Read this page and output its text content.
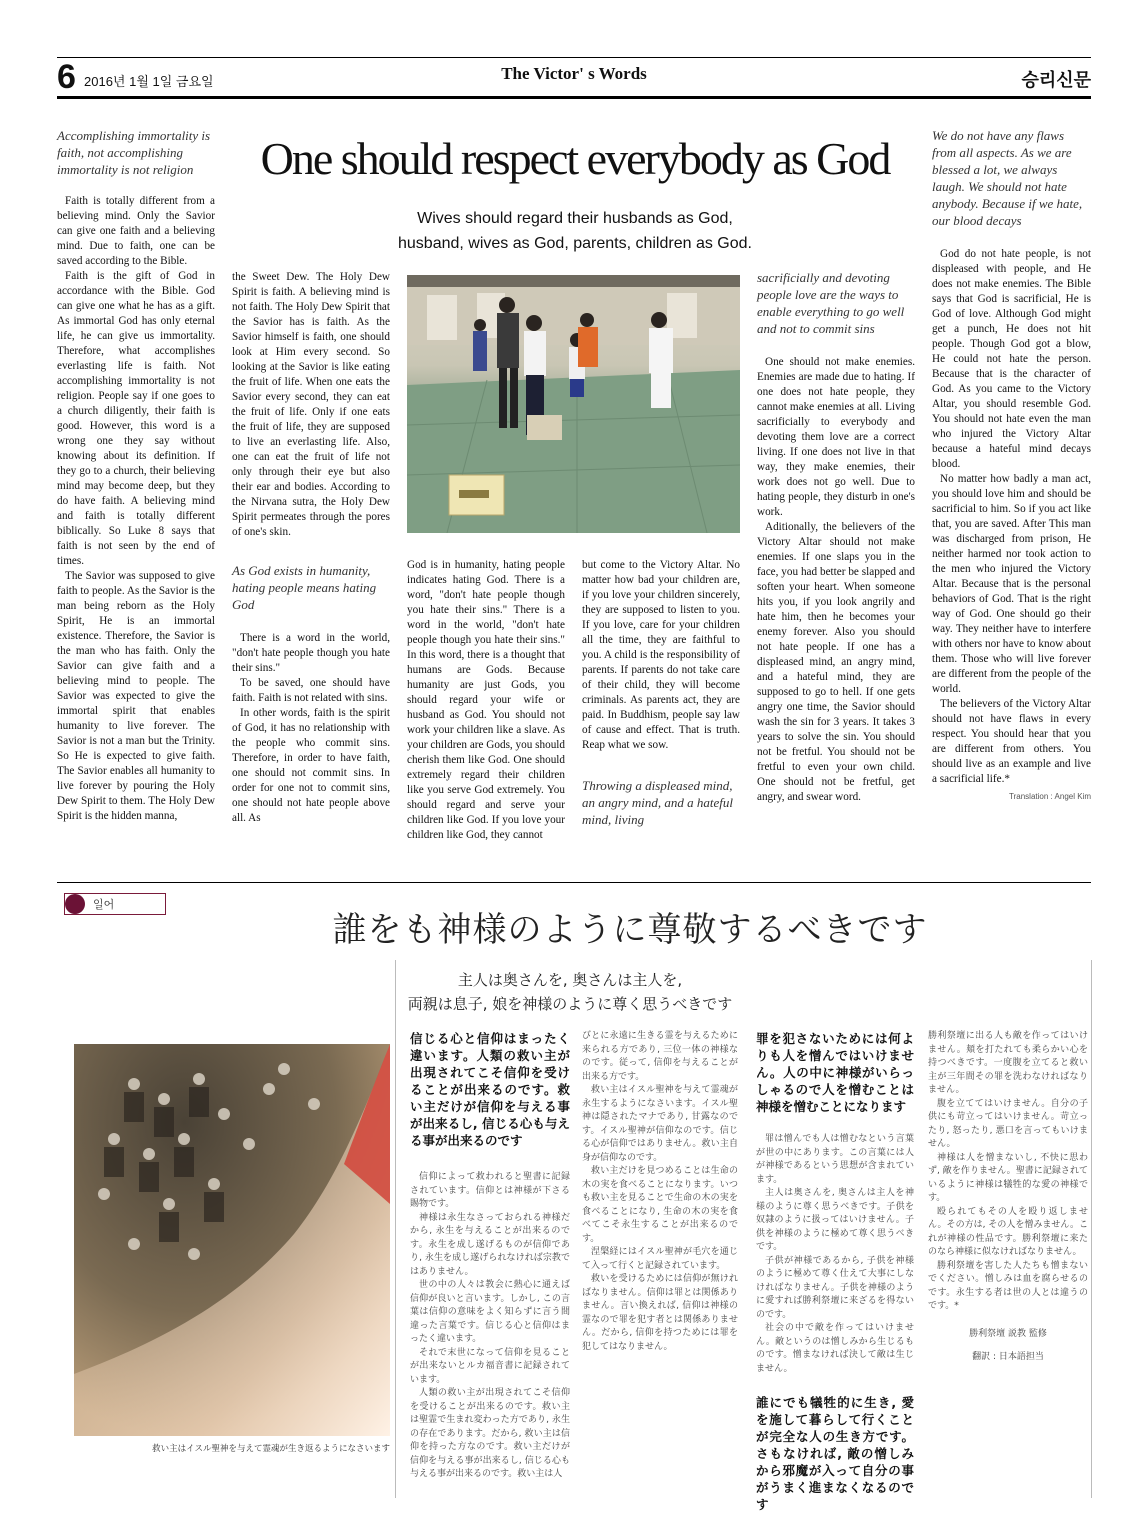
6 2016년 1월 1일 금요일	The Victor' s Words	승리신문
One should respect everybody as God
Wives should regard their husbands as God,
husband, wives as God, parents, children as God.
Accomplishing immortality is faith, not accomplishing immortality is not religion

Faith is totally different from a believing mind. Only the Savior can give one faith and a believing mind. Due to faith, one can be saved according to the Bible.

Faith is the gift of God in accordance with the Bible. God can give one what he has as a gift. As immortal God has only eternal life, he can give us immortality. Therefore, what accomplishes everlasting life is faith. Not accomplishing immortality is not religion. People say if one goes to a church diligently, their faith is good. However, this word is a wrong one they say without knowing about its definition. If they go to a church, their believing mind may become deep, but they do have faith. A believing mind and faith is totally different biblically. So Luke 8 says that faith is not seen by the end of times.

The Savior was supposed to give faith to people. As the Savior is the man being reborn as the Holy Spirit, He is an immortal existence. Therefore, the Savior is the man who has faith. Only the Savior can give faith and a believing mind to people. The Savior was expected to give the immortal spirit that enables humanity to live forever. The Savior is not a man but the Trinity. So He is expected to give faith. The Savior enables all humanity to live forever by pouring the Holy Dew Spirit to them. The Holy Dew Spirit is the hidden manna,

the Sweet Dew. The Holy Dew Spirit is faith. A believing mind is not faith. The Holy Dew Spirit that the Savior has is faith. As the Savior himself is faith, one should look at Him every second. So looking at the Savior is like eating the fruit of life. When one eats the Savior every second, they can eat the fruit of life. Only if one eats the fruit of life, they are supposed to live an everlasting life. Also, one can eat the fruit of life not only through their eye but also their ear and bodies. According to the Nirvana sutra, the Holy Dew Spirit permeates through the pores of one's skin.

As God exists in humanity, hating people means hating God

There is a word in the world, "don't hate people though you hate their sins."

To be saved, one should have faith. Faith is not related with sins.

In other words, faith is the spirit of God, it has no relationship with the people who commit sins. Therefore, in order to have faith, one should not commit sins. In order for one not to commit sins, one should not hate people above all. As

God is in humanity, hating people indicates hating God. There is a word, "don't hate people though you hate their sins." There is a word in the world, "don't hate people though you hate their sins." In this word, there is a thought that humans are Gods. Because humanity are just Gods, you should regard your wife or husband as God. You should not work your children like a slave. As your children are Gods, you should cherish them like God. One should extremely regard their children like you serve God extremely. You should regard and serve your children like God. If you love your children like God, they cannot

but come to the Victory Altar. No matter how bad your children are, if you love your children sincerely, they are supposed to listen to you. If you love, care for your children all the time, they are faithful to you. A child is the responsibility of parents. If parents do not take care of their child, they will become criminals. As parents act, they are paid. In Buddhism, people say law of cause and effect. That is truth. Reap what we sow.

Throwing a displeased mind, an angry mind, and a hateful mind, living
sacrificially and devoting people love are the ways to enable everything to go well and not to commit sins

One should not make enemies. Enemies are made due to hating. If one does not hate people, they cannot make enemies at all. Living sacrificially to everybody and devoting them love are a correct living. If one does not live in that way, they make enemies, their work does not go well. Due to hating people, they disturb in one's work.

Aditionally, the believers of the Victory Altar should not make enemies. If one slaps you in the face, you had better be slapped and soften your heart. When someone hits you, if you look angrily and hate him, then he becomes your enemy forever. Also you should not hate people. If one has a displeased mind, an angry mind, and a hateful mind, they are supposed to go to hell. If one gets angry one time, the Savior should wash the sin for 3 years. It takes 3 years to solve the sin. You should not be fretful. You should not be fretful to even your own child. One should not be fretful, get angry, and swear word.

We do not have any flaws from all aspects. As we are blessed a lot, we always laugh. We should not hate anybody. Because if we hate, our blood decays

God do not hate people, is not displeased with people, and He does not make enemies. The Bible says that God is sacrificial, He is God of love. Although God might get a punch, He does not hit people. Though God got a blow, He could not hate the person. Because that is the character of God. As you came to the Victory Altar, you should resemble God. You should not hate even the man who injured the Victory Altar because a hateful mind decays blood.

No matter how badly a man act, you should love him and should be sacrificial to him. So if you act like that, you are saved. After This man was discharged from prison, He neither harmed nor took action to the men who injured the Victory Altar. Because that is the personal behaviors of God. That is the right way of God. One should go their way. They neither have to interfere with others nor have to know about them. Those who will live forever are different from the people of the world.

The believers of the Victory Altar should not have flaws in every respect. You should hear that you are different from others. You should live as an example and live a sacrificial life.*

Translation : Angel Kim
일어
誰をも神様のように尊敬するべきです
主人は奥さんを, 奥さんは主人を,
両親は息子, 娘を神様のように尊く思うべきです
救い主はイスル聖神を与えて霊魂が生き返るようになさいます
信じる心と信仰はまったく違います。人類の救い主が出現されてこそ信仰を受けることが出来るのです。救い主だけが信仰を与える事が出来るし, 信じる心も与える事が出来るのです

信仰によって救われると聖書に記録されています。信仰とは神様が下さる賜物です。

神様は永生なさっておられる神様だから, 永生を与えることが出来るのです。永生を成し遂げるものが信仰であり, 永生を成し遂げられなければ宗教ではありません。

世の中の人々は教会に熱心に通えば信仰が良いと言います。しかし, この言葉は信仰の意味をよく知らずに言う間違った言葉です。信じる心と信仰はまったく違います。

それで末世になって信仰を見ることが出来ないとルカ福音書に記録されています。

人類の救い主が出現されてこそ信仰を受けることが出来るのです。救い主は聖霊で生まれ変わった方であり, 永生の存在であります。だから, 救い主は信仰を持った方なのです。救い主だけが信仰を与える事が出来るし, 信じる心も与える事が出来るのです。救い主は人

びとに永遠に生きる霊を与えるために来られる方であり, 三位一体の神様なのです。従って, 信仰を与えることが出来る方です。

救い主はイスル聖神を与えて霊魂が永生するようになさいます。イスル聖神は隠されたマナであり, 甘露なのです。イスル聖神が信仰なのです。信じる心が信仰ではありません。救い主自身が信仰なのです。

救い主だけを見つめることは生命の木の実を食べることになります。いつも救い主を見ることで生命の木の実を食べることになり, 生命の木の実を食べてこそ永生することが出来るのです。

涅槃経にはイスル聖神が毛穴を通じて入って行くと記録されています。

救いを受けるためには信仰が無ければなりません。信仰は罪とは関係ありません。言い換えれば, 信仰は神様の霊なので罪を犯す者とは関係ありません。だから, 信仰を持つためには罪を犯してはなりません。

罪を犯さないためには何よりも人を憎んではいけません。人の中に神様がいらっしゃるので人を憎むことは神様を憎むことになります

罪は憎んでも人は憎むなという言葉が世の中にあります。この言葉には人が神様であるという思想が含まれています。

主人は奥さんを, 奥さんは主人を神様のように尊く思うべきです。子供を奴隷のように扱ってはいけません。子供を神様のように極めて尊く思うべきです。

子供が神様であるから, 子供を神様のように極めて尊く仕えて大事にしなければなりません。子供を神様のように愛すれば勝利祭壇に来ざるを得ないのです。

社会の中で敵を作ってはいけません。敵というのは憎しみから生じるものです。憎まなければ決して敵は生じません。

誰にでも犠牲的に生き, 愛を施して暮らして行くことが完全な人の生き方です。さもなければ, 敵の憎しみから邪魔が入って自分の事がうまく進まなくなるのです

勝利祭壇に出る人も敵を作ってはいけません。頬を打たれても柔らかい心を持つべきです。一度腹を立てると救い主が三年間その罪を洗わなければなりません。

腹を立ててはいけません。自分の子供にも苛立ってはいけません。苛立ったり, 怒ったり, 悪口を言ってもいけません。

神様は人を憎まないし, 不快に思わず, 敵を作りません。聖書に記録されているように神様は犠牲的な愛の神様です。

殴られてもその人を殴り返しません。その方は, その人を憎みません。これが神様の性品です。勝利祭壇に来たのなら神様に似なければなりません。

勝利祭壇を害した人たちも憎まないでください。憎しみは血を腐らせるのです。永生する者は世の人とは違うのです。*

勝利祭壇 説教 監修
翻訳 : 日本語担当
